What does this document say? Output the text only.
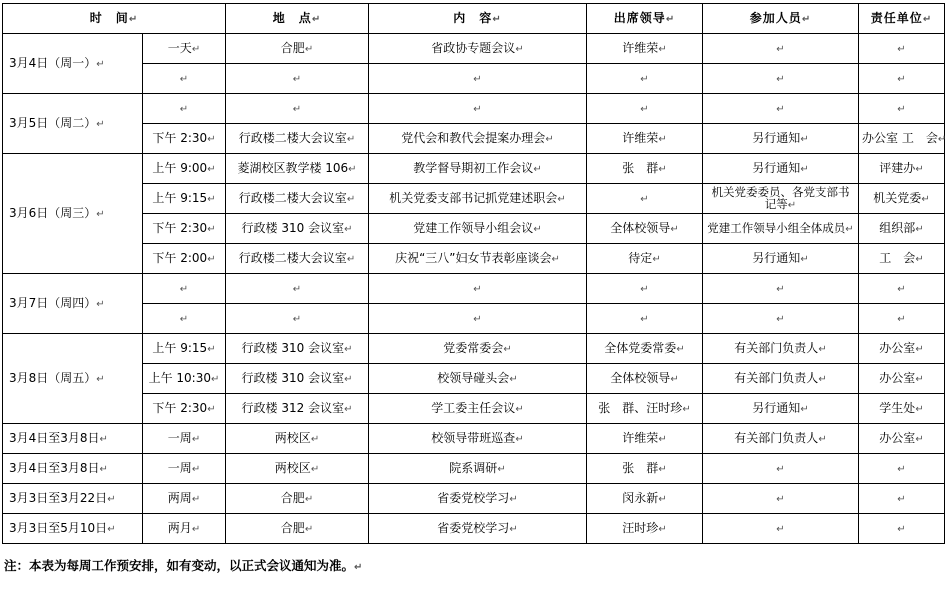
时　间↵		地　点↵	内　容↵	出席领导↵	参加人员↵	责任单位↵
3月4日（周一）↵	一天↵	合肥↵	省政协专题会议↵	许维荣↵	↵	↵
	↵	↵	↵	↵	↵	↵
3月5日（周二）↵	↵	↵	↵	↵	↵	↵
	下午 2:30↵	行政楼二楼大会议室↵	党代会和教代会提案办理会↵	许维荣↵	另行通知↵	办公室 工　会↵
3月6日（周三）↵	上午 9:00↵	菱湖校区教学楼 106↵	教学督导期初工作会议↵	张　群↵	另行通知↵	评建办↵
	上午 9:15↵	行政楼二楼大会议室↵	机关党委支部书记抓党建述职会↵	↵	机关党委委员、各党支部书记等↵	机关党委↵
	下午 2:30↵	行政楼 310 会议室↵	党建工作领导小组会议↵	全体校领导↵	党建工作领导小组全体成员↵	组织部↵
	下午 2:00↵	行政楼二楼大会议室↵	庆祝“三八”妇女节表彰座谈会↵	待定↵	另行通知↵	工　会↵
3月7日（周四）↵	↵	↵	↵	↵	↵	↵
	↵	↵	↵	↵	↵	↵
3月8日（周五）↵	上午 9:15↵	行政楼 310 会议室↵	党委常委会↵	全体党委常委↵	有关部门负责人↵	办公室↵
	上午 10:30↵	行政楼 310 会议室↵	校领导碰头会↵	全体校领导↵	有关部门负责人↵	办公室↵
	下午 2:30↵	行政楼 312 会议室↵	学工委主任会议↵	张　群、汪时珍↵	另行通知↵	学生处↵
3月4日至3月8日↵	一周↵	两校区↵	校领导带班巡查↵	许维荣↵	有关部门负责人↵	办公室↵
3月4日至3月8日↵	一周↵	两校区↵	院系调研↵	张　群↵	↵	↵
3月3日至3月22日↵	两周↵	合肥↵	省委党校学习↵	闵永新↵	↵	↵
3月3日至5月10日↵	两月↵	合肥↵	省委党校学习↵	汪时珍↵	↵	↵
注：本表为每周工作预安排，如有变动，以正式会议通知为准。↵
